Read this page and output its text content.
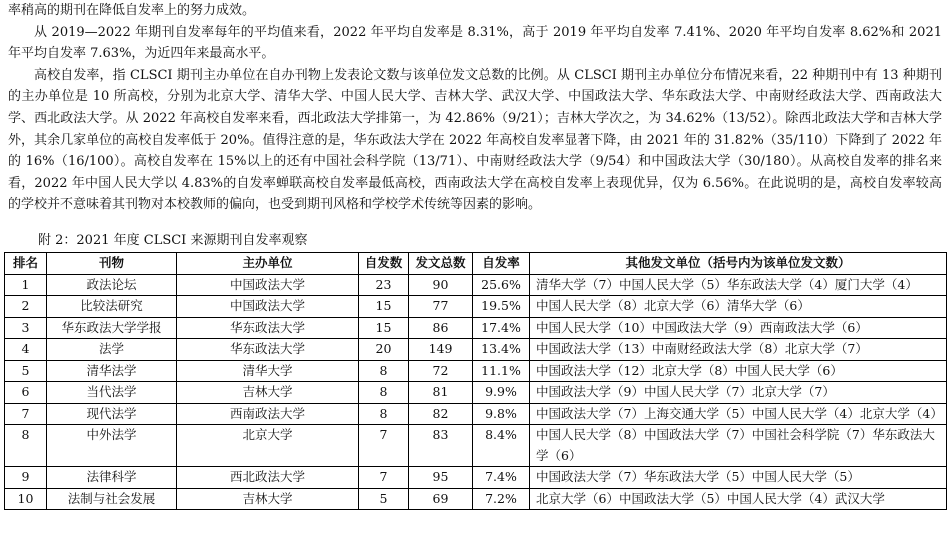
率稍高的期刊在降低自发率上的努力成效。

从 2019—2022 年期刊自发率每年的平均值来看，2022 年平均自发率是 8.31%，高于 2019 年平均自发率 7.41%、2020 年平均自发率 8.62%和 2021 年平均自发率 7.63%，为近四年来最高水平。

高校自发率，指 CLSCI 期刊主办单位在自办刊物上发表论文数与该单位发文总数的比例。从 CLSCI 期刊主办单位分布情况来看，22 种期刊中有 13 种期刊的主办单位是 10 所高校，分别为北京大学、清华大学、中国人民大学、吉林大学、武汉大学、中国政法大学、华东政法大学、中南财经政法大学、西南政法大学、西北政法大学。从 2022 年高校自发率来看，西北政法大学排第一，为 42.86%（9/21）；吉林大学次之，为 34.62%（13/52）。除西北政法大学和吉林大学外，其余几家单位的高校自发率低于 20%。值得注意的是，华东政法大学在 2022 年高校自发率显著下降，由 2021 年的 31.82%（35/110）下降到了 2022 年的 16%（16/100）。高校自发率在 15%以上的还有中国社会科学院（13/71）、中南财经政法大学（9/54）和中国政法大学（30/180）。从高校自发率的排名来看，2022 年中国人民大学以 4.83%的自发率蝉联高校自发率最低高校，西南政法大学在高校自发率上表现优异，仅为 6.56%。在此说明的是，高校自发率较高的学校并不意味着其刊物对本校教师的偏向，也受到期刊风格和学校学术传统等因素的影响。

附 2：2021 年度 CLSCI 来源期刊自发率观察
排名	刊物	主办单位	自发数	发文总数	自发率	其他发文单位（括号内为该单位发文数）
1	政法论坛	中国政法大学	23	90	25.6%	清华大学（7）中国人民大学（5）华东政法大学（4）厦门大学（4）
2	比较法研究	中国政法大学	15	77	19.5%	中国人民大学（8）北京大学（6）清华大学（6）
3	华东政法大学学报	华东政法大学	15	86	17.4%	中国人民大学（10）中国政法大学（9）西南政法大学（6）
4	法学	华东政法大学	20	149	13.4%	中国政法大学（13）中南财经政法大学（8）北京大学（7）
5	清华法学	清华大学	8	72	11.1%	中国政法大学（12）北京大学（8）中国人民大学（6）
6	当代法学	吉林大学	8	81	9.9%	中国政法大学（9）中国人民大学（7）北京大学（7）
7	现代法学	西南政法大学	8	82	9.8%	中国政法大学（7）上海交通大学（5）中国人民大学（4）北京大学（4）
8	中外法学	北京大学	7	83	8.4%	中国人民大学（8）中国政法大学（7）中国社会科学院（7）华东政法大学（6）
9	法律科学	西北政法大学	7	95	7.4%	中国政法大学（7）华东政法大学（5）中国人民大学（5）
10	法制与社会发展	吉林大学	5	69	7.2%	北京大学（6）中国政法大学（5）中国人民大学（4）武汉大学
